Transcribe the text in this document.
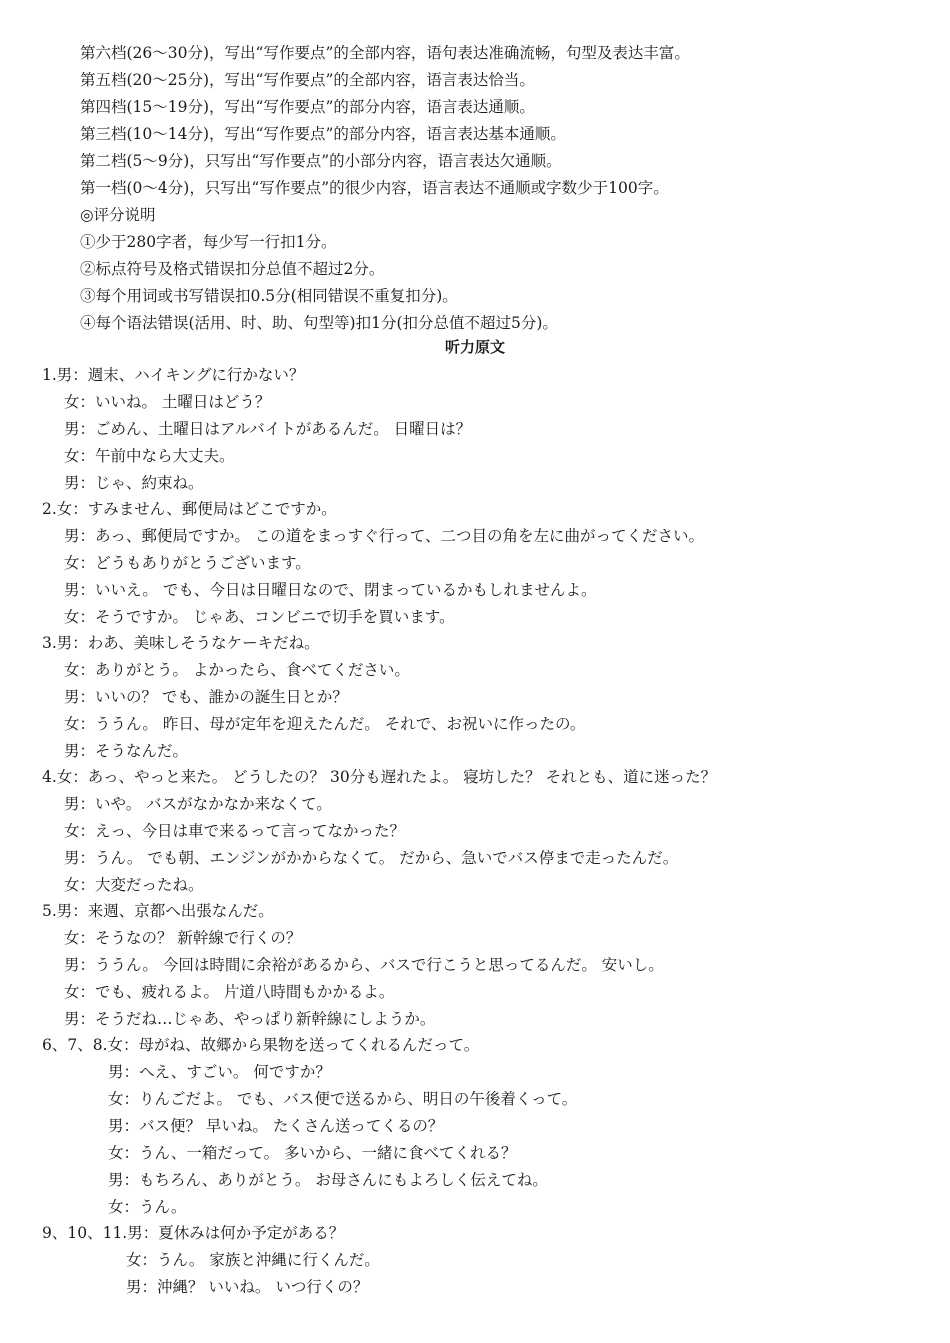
第六档(26～30分)，写出“写作要点”的全部内容，语句表达准确流畅，句型及表达丰富。
第五档(20～25分)，写出“写作要点”的全部内容，语言表达恰当。
第四档(15～19分)，写出“写作要点”的部分内容，语言表达通顺。
第三档(10～14分)，写出“写作要点”的部分内容，语言表达基本通顺。
第二档(5～9分)，只写出“写作要点”的小部分内容，语言表达欠通顺。
第一档(0～4分)，只写出“写作要点”的很少内容，语言表达不通顺或字数少于100字。
◎评分说明
①少于280字者，每少写一行扣1分。
②标点符号及格式错误扣分总值不超过2分。
③每个用词或书写错误扣0.5分(相同错误不重复扣分)。
④每个语法错误(活用、时、助、句型等)扣1分(扣分总值不超过5分)。
听力原文
1.男：週末、ハイキングに行かない？
女：いいね。 土曜日はどう？
男：ごめん、土曜日はアルバイトがあるんだ。 日曜日は？
女：午前中なら大丈夫。
男：じゃ、約束ね。
2.女：すみません、郵便局はどこですか。
男：あっ、郵便局ですか。 この道をまっすぐ行って、二つ目の角を左に曲がってください。
女：どうもありがとうございます。
男：いいえ。 でも、今日は日曜日なので、閉まっているかもしれませんよ。
女：そうですか。 じゃあ、コンビニで切手を買います。
3.男：わあ、美味しそうなケーキだね。
女：ありがとう。 よかったら、食べてください。
男：いいの？ でも、誰かの誕生日とか？
女：ううん。 昨日、母が定年を迎えたんだ。 それで、お祝いに作ったの。
男：そうなんだ。
4.女：あっ、やっと来た。 どうしたの？ 30分も遅れたよ。 寝坊した？ それとも、道に迷った？
男：いや。 バスがなかなか来なくて。
女：えっ、今日は車で来るって言ってなかった？
男：うん。 でも朝、エンジンがかからなくて。 だから、急いでバス停まで走ったんだ。
女：大変だったね。
5.男：来週、京都へ出張なんだ。
女：そうなの？ 新幹線で行くの？
男：ううん。 今回は時間に余裕があるから、バスで行こうと思ってるんだ。 安いし。
女：でも、疲れるよ。 片道八時間もかかるよ。
男：そうだね…じゃあ、やっぱり新幹線にしようか。
6、7、8.女：母がね、故郷から果物を送ってくれるんだって。
男：へえ、すごい。 何ですか？
女：りんごだよ。 でも、バス便で送るから、明日の午後着くって。
男：バス便？ 早いね。 たくさん送ってくるの？
女：うん、一箱だって。 多いから、一緒に食べてくれる？
男：もちろん、ありがとう。 お母さんにもよろしく伝えてね。
女：うん。
9、10、11.男：夏休みは何か予定がある？
女：うん。 家族と沖縄に行くんだ。
男：沖縄？ いいね。 いつ行くの？
